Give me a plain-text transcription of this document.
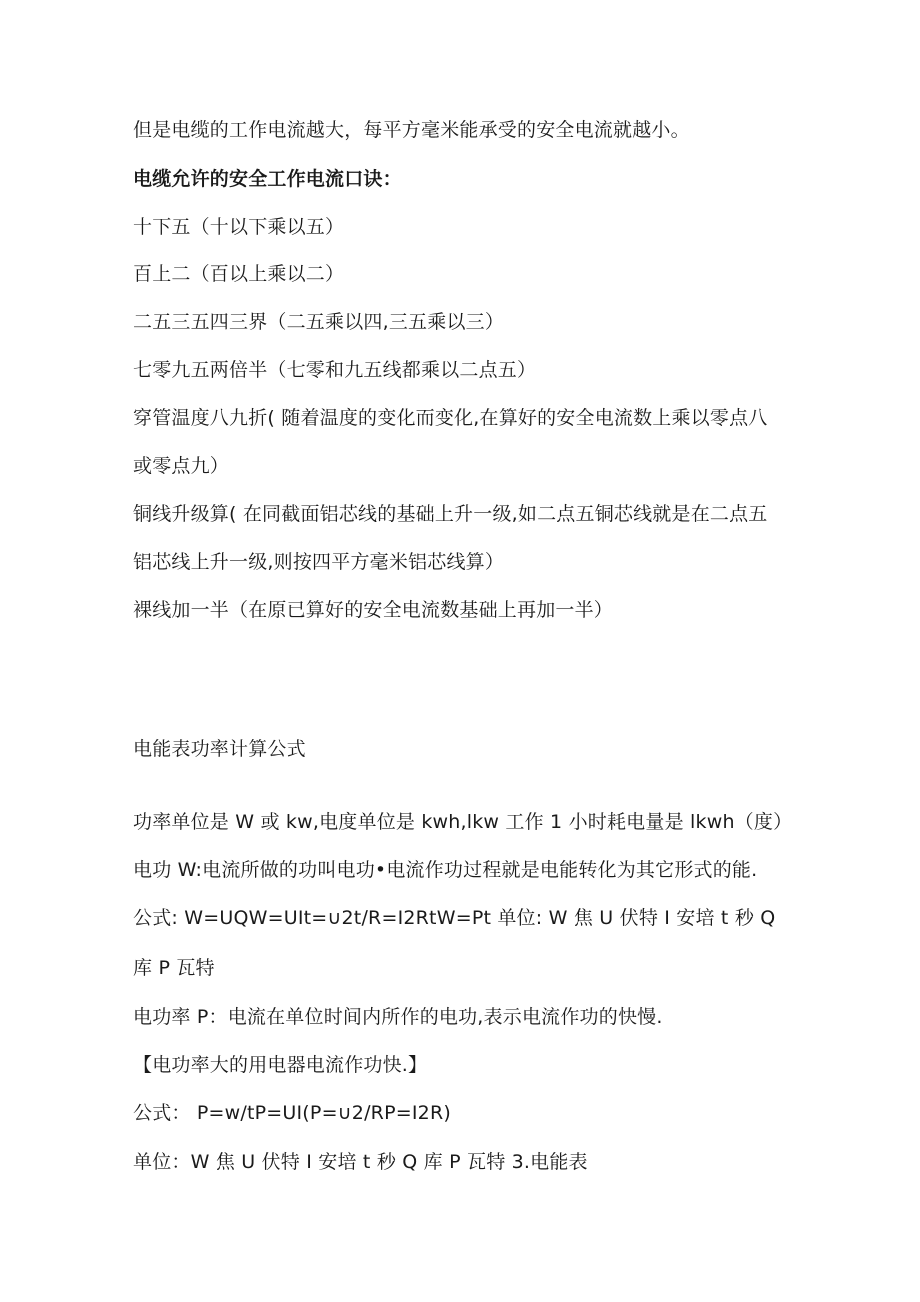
但是电缆的工作电流越大，每平方毫米能承受的安全电流就越小。
电缆允许的安全工作电流口诀：
十下五（十以下乘以五）
百上二（百以上乘以二）
二五三五四三界（二五乘以四,三五乘以三）
七零九五两倍半（七零和九五线都乘以二点五）
穿管温度八九折( 随着温度的变化而变化,在算好的安全电流数上乘以零点八
或零点九）
铜线升级算( 在同截面铝芯线的基础上升一级,如二点五铜芯线就是在二点五
铝芯线上升一级,则按四平方毫米铝芯线算）
裸线加一半（在原已算好的安全电流数基础上再加一半）
电能表功率计算公式
功率单位是 W 或 kw,电度单位是 kwh,lkw 工作 1 小时耗电量是 lkwh（度）
电功 W:电流所做的功叫电功•电流作功过程就是电能转化为其它形式的能.
公式: W=UQW=UIt=∪2t∕R=I2RtW=Pt 单位: W 焦 U 伏特 I 安培 t 秒 Q
库 P 瓦特
电功率 P：电流在单位时间内所作的电功,表示电流作功的快慢.
【电功率大的用电器电流作功快.】
公式： P=w/tP=UI(P=∪2∕RP=I2R)
单位：W 焦 U 伏特 I 安培 t 秒 Q 库 P 瓦特 3.电能表
